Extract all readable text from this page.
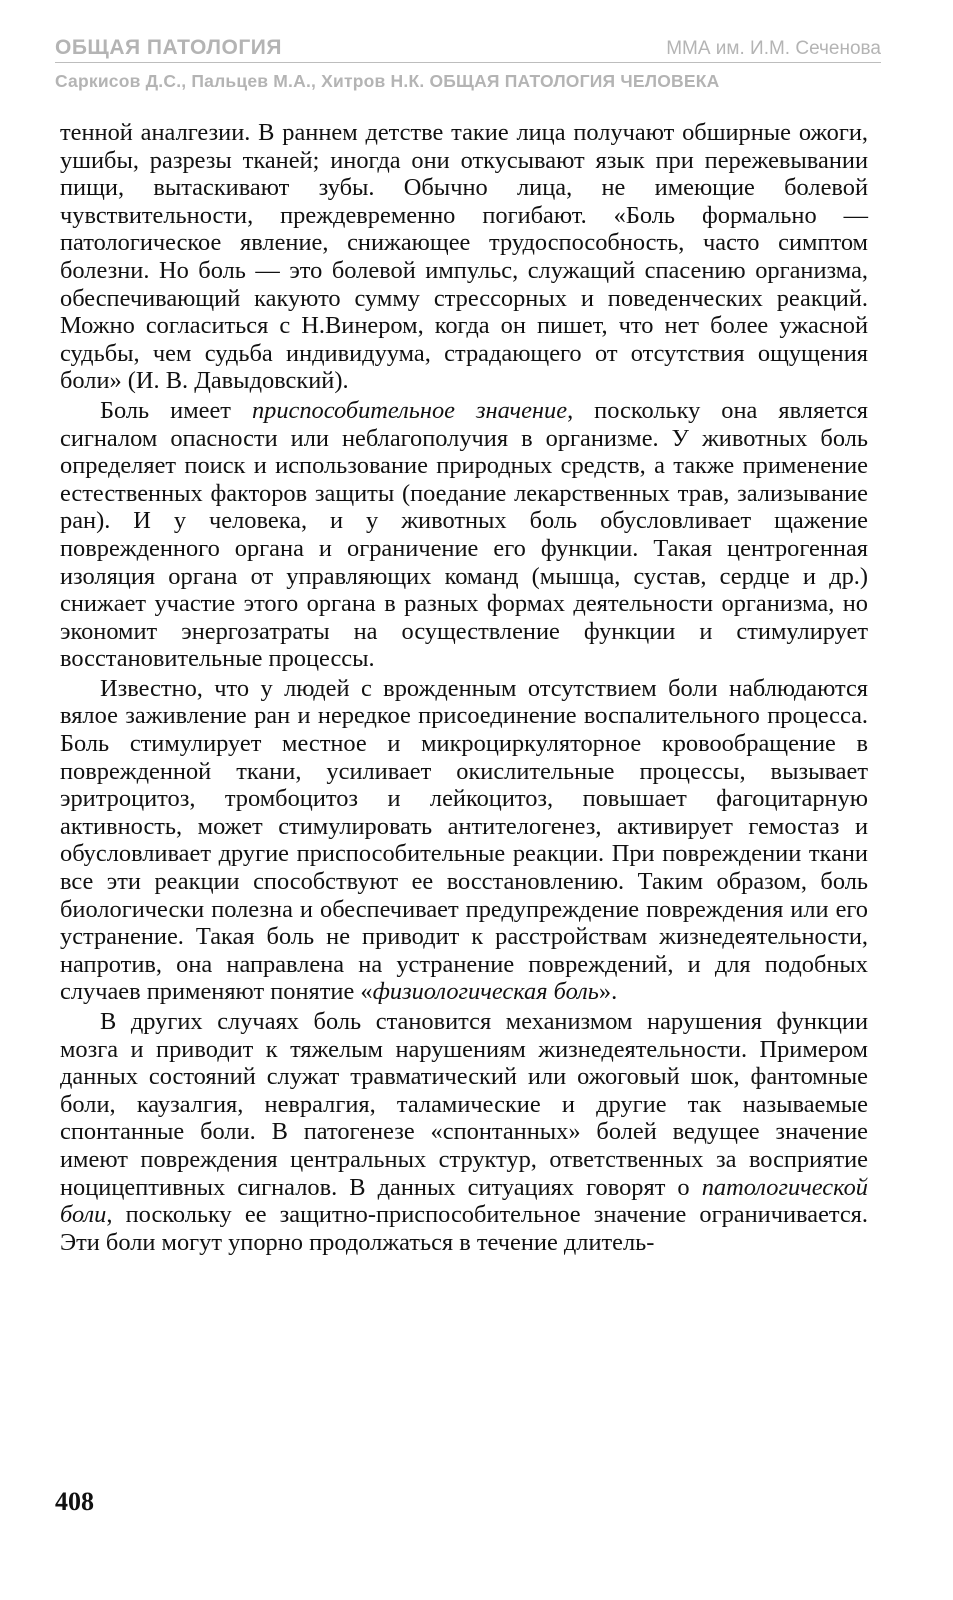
ОБЩАЯ ПАТОЛОГИЯ	ММА им. И.М. Сеченова
Саркисов Д.С., Пальцев М.А., Хитров Н.К. ОБЩАЯ ПАТОЛОГИЯ ЧЕЛОВЕКА

тенной аналгезии. В раннем детстве такие лица получают обширные ожоги, ушибы, разрезы тканей; иногда они откусывают язык при пережевывании пищи, вытаскивают зубы. Обычно лица, не имеющие болевой чувствительности, преждевременно погибают. «Боль формально — патологическое явление, снижающее трудоспособность, часто симптом болезни. Но боль — это болевой импульс, служащий спасению организма, обеспечивающий какуюто сумму стрессорных и поведенческих реакций. Можно согласиться с Н.Винером, когда он пишет, что нет более ужасной судьбы, чем судьба индивидуума, страдающего от отсутствия ощущения боли» (И. В. Давыдовский).

Боль имеет приспособительное значение, поскольку она является сигналом опасности или неблагополучия в организме. У животных боль определяет поиск и использование природных средств, а также применение естественных факторов защиты (поедание лекарственных трав, зализывание ран). И у человека, и у животных боль обусловливает щажение поврежденного органа и ограничение его функции. Такая центрогенная изоляция органа от управляющих команд (мышца, сустав, сердце и др.) снижает участие этого органа в разных формах деятельности организма, но экономит энергозатраты на осуществление функции и стимулирует восстановительные процессы.

Известно, что у людей с врожденным отсутствием боли наблюдаются вялое заживление ран и нередкое присоединение воспалительного процесса. Боль стимулирует местное и микроциркуляторное кровообращение в поврежденной ткани, усиливает окислительные процессы, вызывает эритроцитоз, тромбоцитоз и лейкоцитоз, повышает фагоцитарную активность, может стимулировать антителогенез, активирует гемостаз и обусловливает другие приспособительные реакции. При повреждении ткани все эти реакции способствуют ее восстановлению. Таким образом, боль биологически полезна и обеспечивает предупреждение повреждения или его устранение. Такая боль не приводит к расстройствам жизнедеятельности, напротив, она направлена на устранение повреждений, и для подобных случаев применяют понятие «физиологическая боль».

В других случаях боль становится механизмом нарушения функции мозга и приводит к тяжелым нарушениям жизнедеятельности. Примером данных состояний служат травматический или ожоговый шок, фантомные боли, каузалгия, невралгия, таламические и другие так называемые спонтанные боли. В патогенезе «спонтанных» болей ведущее значение имеют повреждения центральных структур, ответственных за восприятие ноцицептивных сигналов. В данных ситуациях говорят о патологической боли, поскольку ее защитно-приспособительное значение ограничивается. Эти боли могут упорно продолжаться в течение длитель-

408
